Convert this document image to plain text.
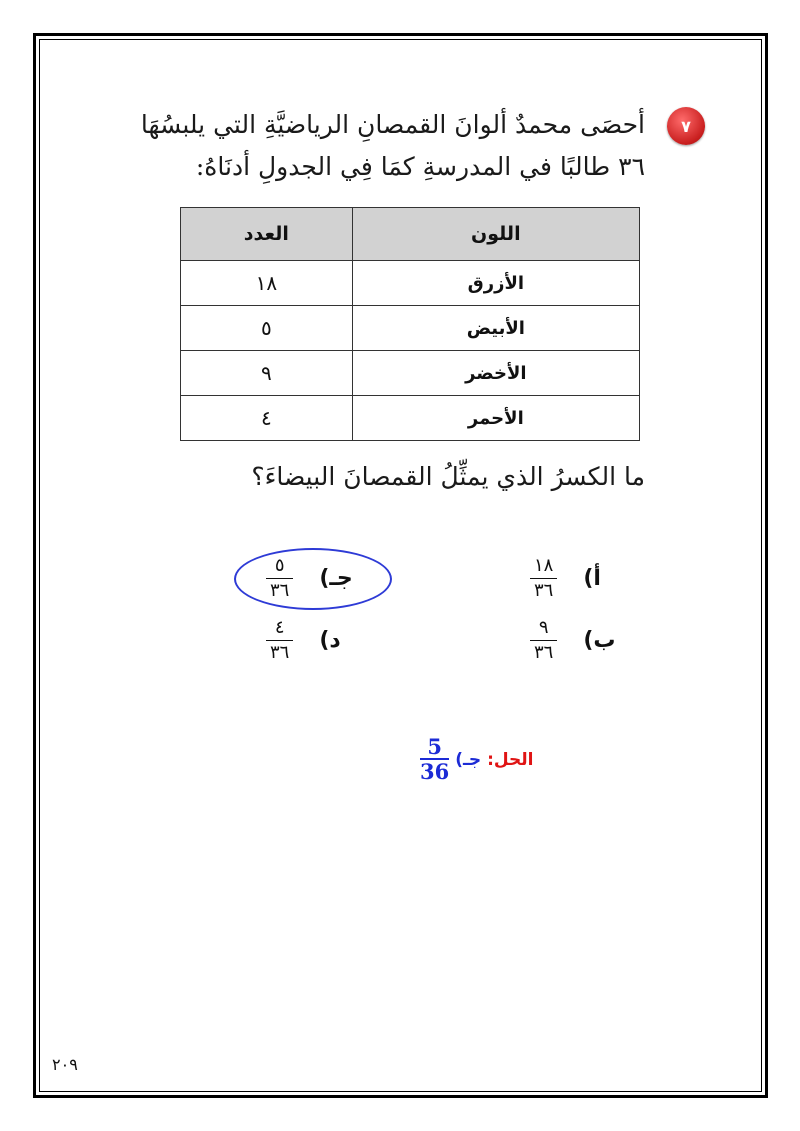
٧
أحصَى محمدٌ ألوانَ القمصانِ الرياضيَّةِ التي يلبسُهَا
٣٦ طالبًا في المدرسةِ كمَا فِي الجدولِ أدنَاهُ:
اللون	العدد
الأزرق	١٨
الأبيض	٥
الأخضر	٩
الأحمر	٤
ما الكسرُ الذي يمثِّلُ القمصانَ البيضاءَ؟
أ)
$\frac{١٨}{٣٦}$
جـ)
$\frac{٥}{٣٦}$
ب)
$\frac{٩}{٣٦}$
د)
$\frac{٤}{٣٦}$
الحل:
جـ)
$\frac{5}{36}$
٢٠٩
